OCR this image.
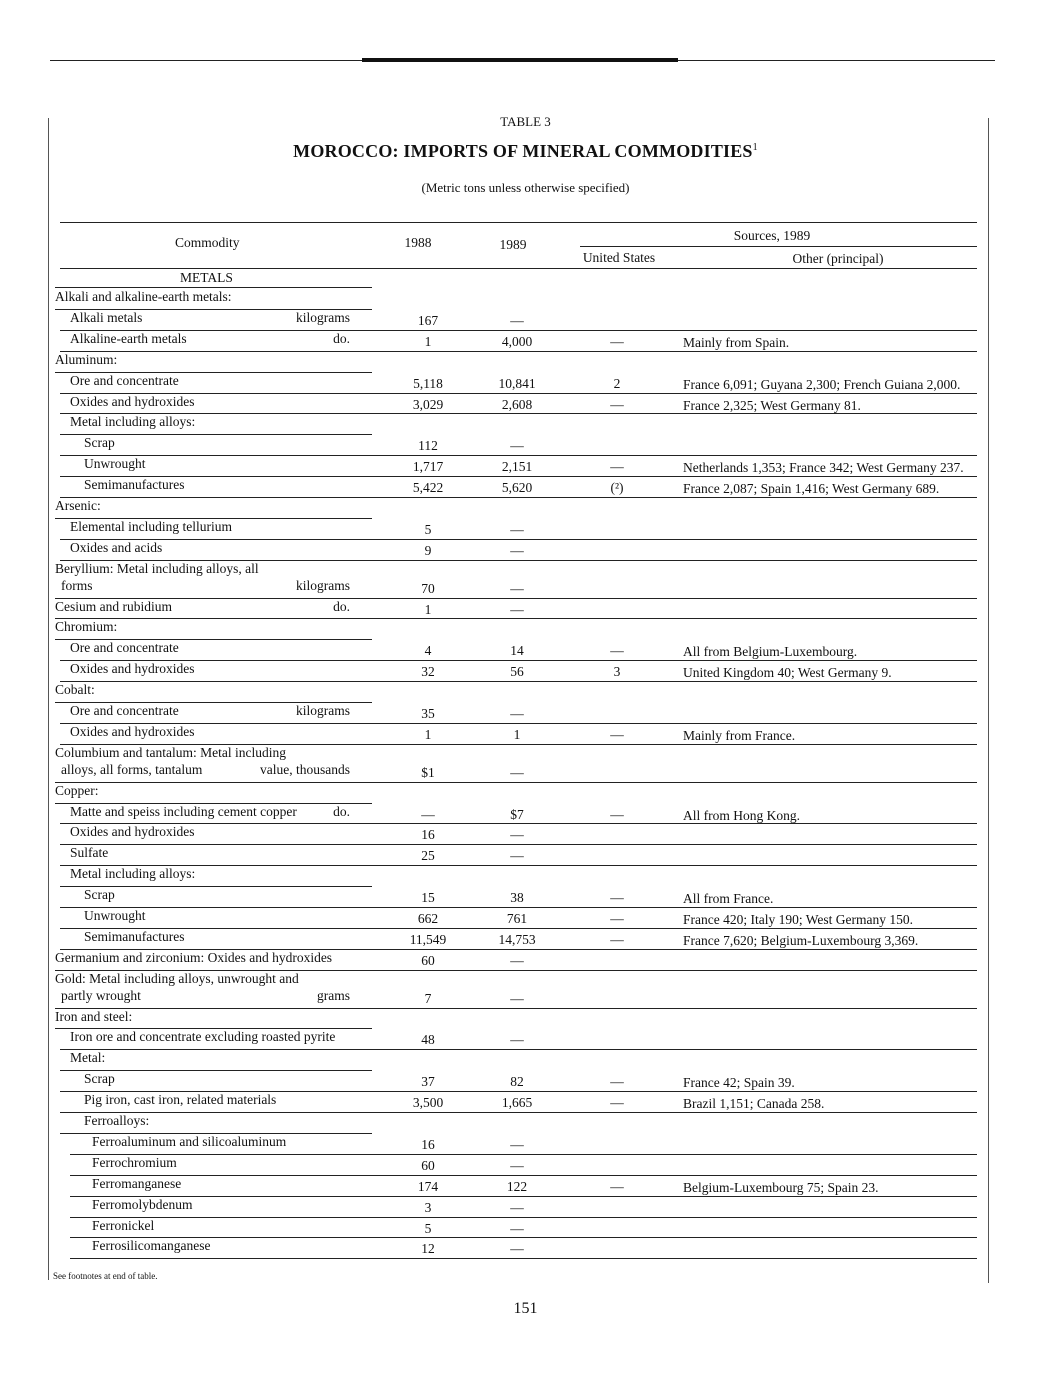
TABLE 3
MOROCCO: IMPORTS OF MINERAL COMMODITIES$^1$
(Metric tons unless otherwise specified)
Commodity	1988	1989
Sources, 1989
United States	Other (principal)
METALS
Alkali and alkaline-earth metals:
Alkali metals	kilograms	167	—
Alkaline-earth metals	do.	1	4,000	—	Mainly from Spain.
Aluminum:
Ore and concentrate	5,118	10,841	2	France 6,091; Guyana 2,300; French Guiana 2,000.
Oxides and hydroxides	3,029	2,608	—	France 2,325; West Germany 81.
Metal including alloys:
Scrap	112	—
Unwrought	1,717	2,151	—	Netherlands 1,353; France 342; West Germany 237.
Semimanufactures	5,422	5,620	(²)	France 2,087; Spain 1,416; West Germany 689.
Arsenic:
Elemental including tellurium	5	—
Oxides and acids	9	—
Beryllium: Metal including alloys, all
forms	kilograms	70	—
Cesium and rubidium	do.	1	—
Chromium:
Ore and concentrate	4	14	—	All from Belgium-Luxembourg.
Oxides and hydroxides	32	56	3	United Kingdom 40; West Germany 9.
Cobalt:
Ore and concentrate	kilograms	35	—
Oxides and hydroxides	1	1	—	Mainly from France.
Columbium and tantalum: Metal including
alloys, all forms, tantalum	value, thousands	$1	—
Copper:
Matte and speiss including cement copper	do.	—	$7	—	All from Hong Kong.
Oxides and hydroxides	16	—
Sulfate	25	—
Metal including alloys:
Scrap	15	38	—	All from France.
Unwrought	662	761	—	France 420; Italy 190; West Germany 150.
Semimanufactures	11,549	14,753	—	France 7,620; Belgium-Luxembourg 3,369.
Germanium and zirconium: Oxides and hydroxides	60	—
Gold: Metal including alloys, unwrought and
partly wrought	grams	7	—
Iron and steel:
Iron ore and concentrate excluding roasted pyrite	48	—
Metal:
Scrap	37	82	—	France 42; Spain 39.
Pig iron, cast iron, related materials	3,500	1,665	—	Brazil 1,151; Canada 258.
Ferroalloys:
Ferroaluminum and silicoaluminum	16	—
Ferrochromium	60	—
Ferromanganese	174	122	—	Belgium-Luxembourg 75; Spain 23.
Ferromolybdenum	3	—
Ferronickel	5	—
Ferrosilicomanganese	12	—
See footnotes at end of table.
151
